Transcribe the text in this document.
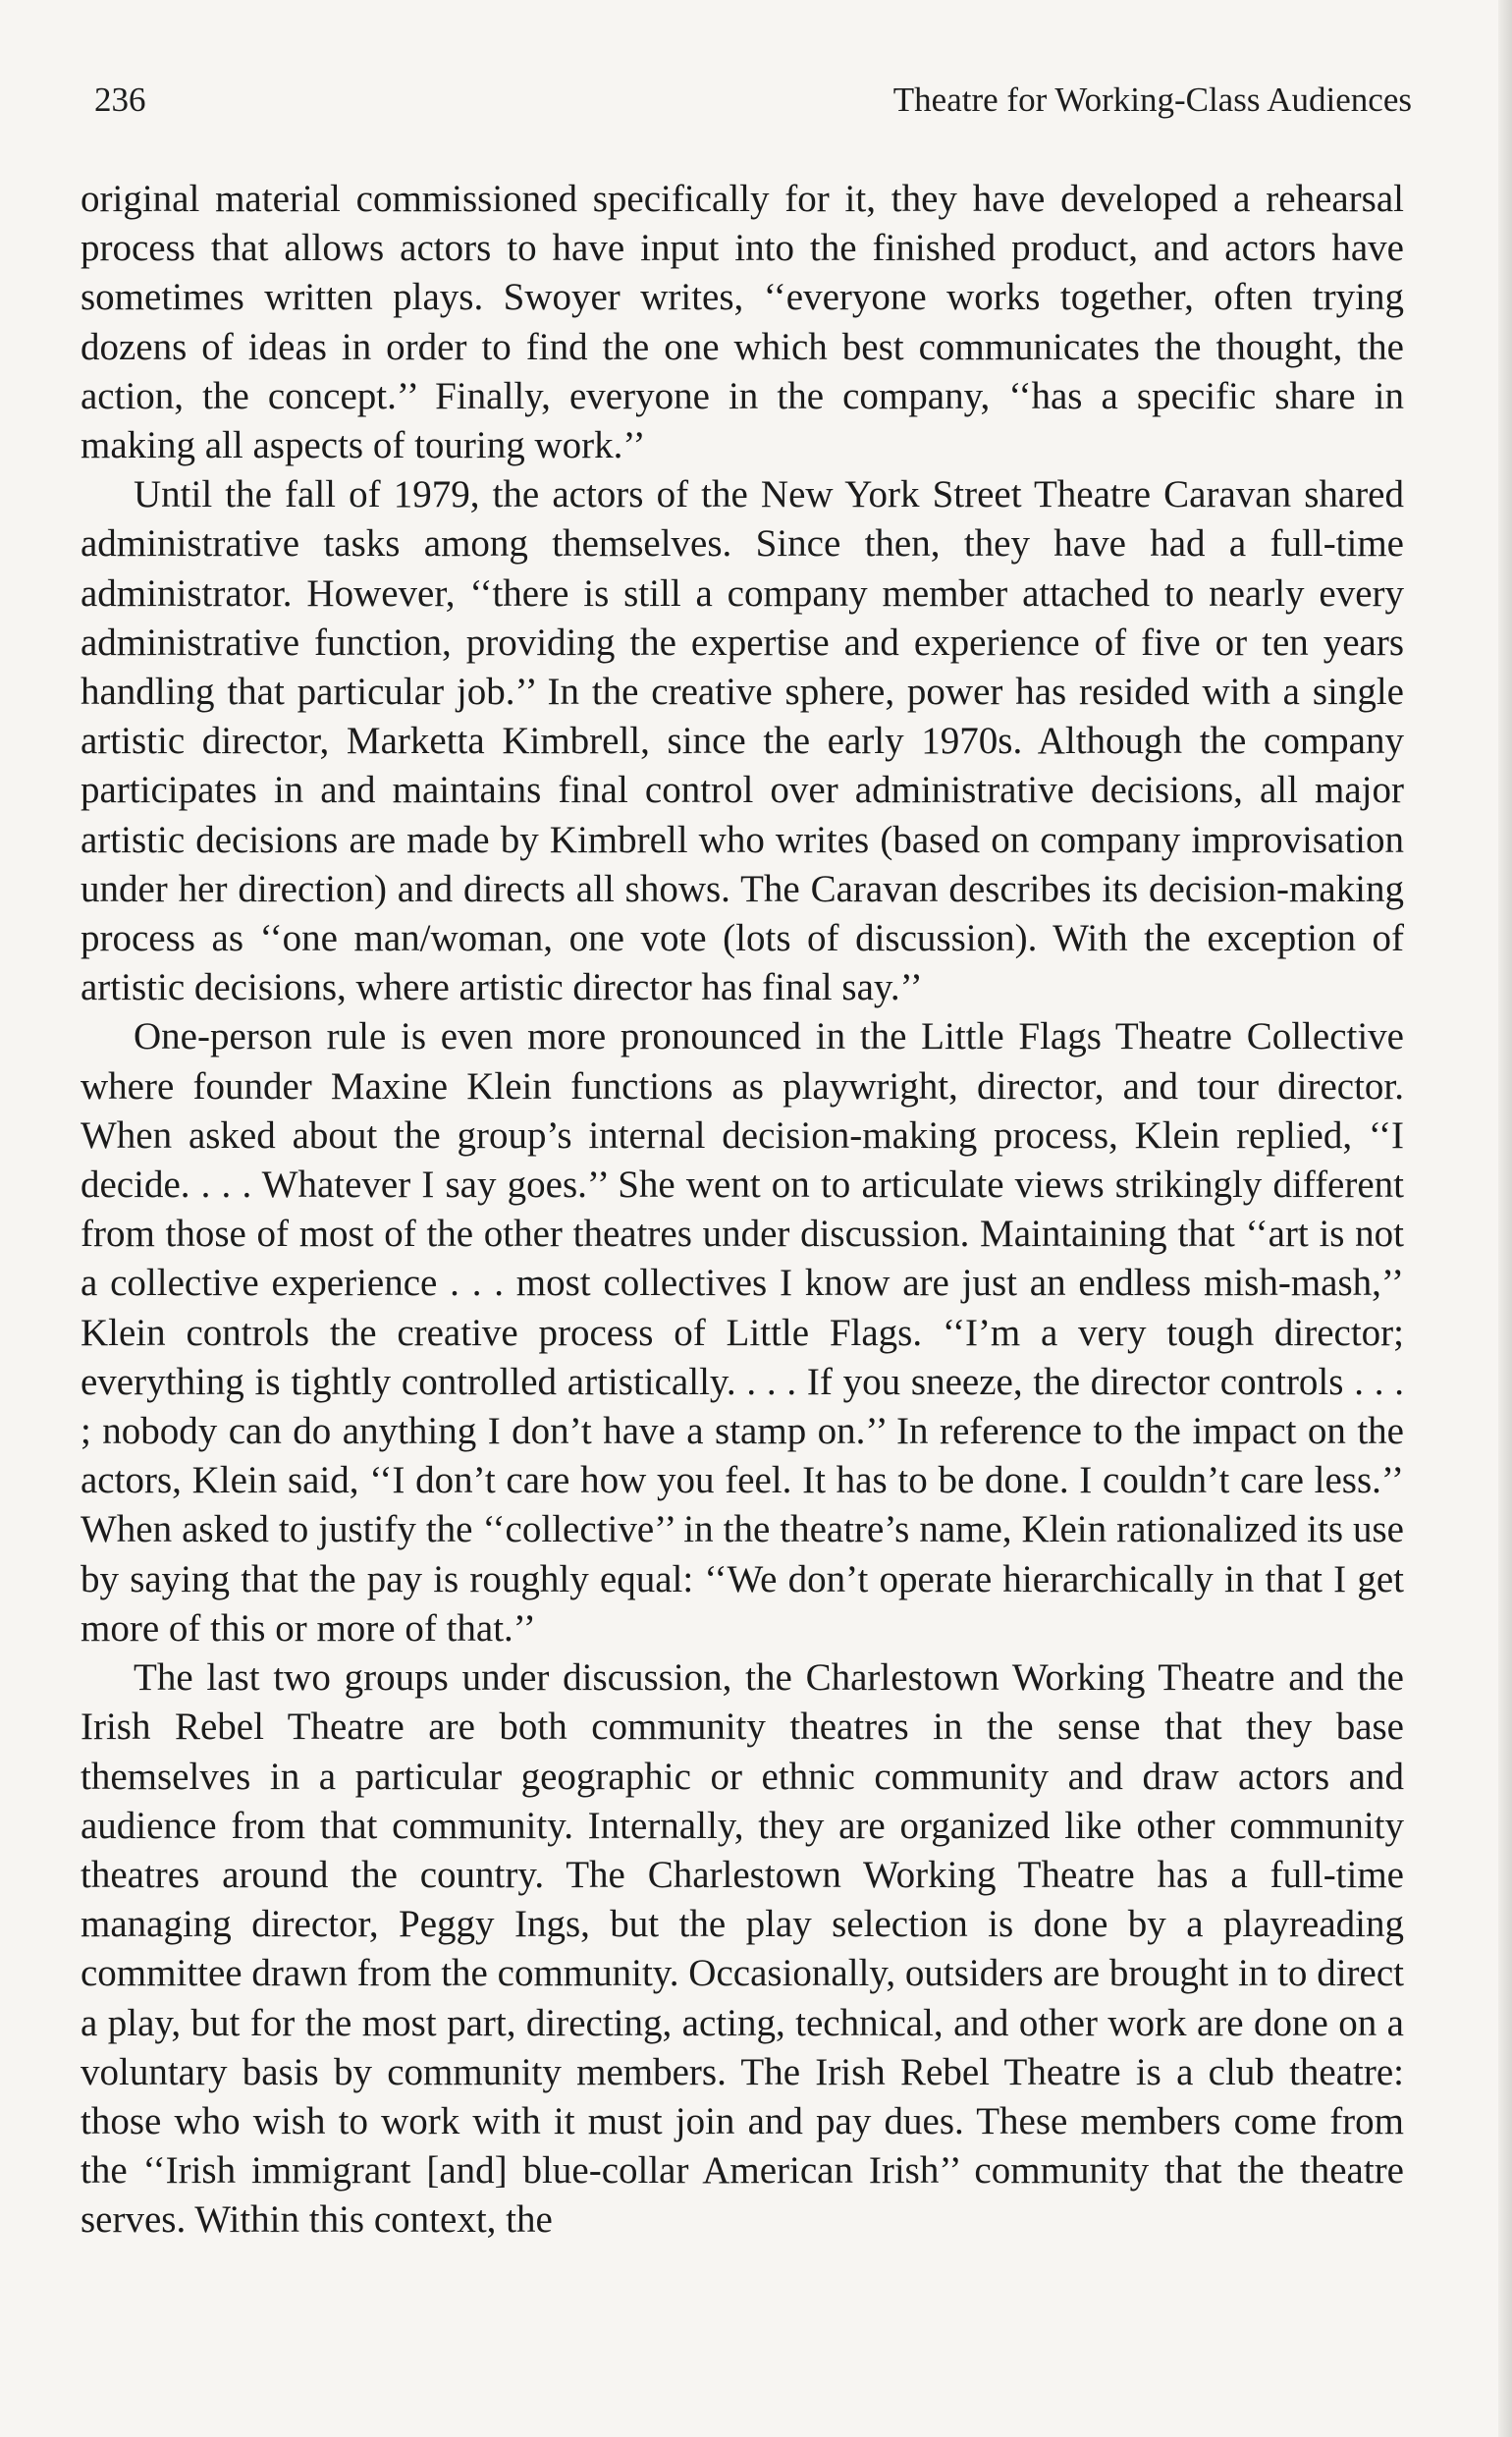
236	Theatre for Working-Class Audiences

original material commissioned specifically for it, they have developed a rehearsal process that allows actors to have input into the finished product, and actors have sometimes written plays. Swoyer writes, ‘‘everyone works together, often trying dozens of ideas in order to find the one which best communicates the thought, the action, the concept.’’ Finally, everyone in the company, ‘‘has a specific share in making all aspects of touring work.’’

Until the fall of 1979, the actors of the New York Street Theatre Caravan shared administrative tasks among themselves. Since then, they have had a full-time administrator. However, ‘‘there is still a company member attached to nearly every administrative function, providing the expertise and experience of five or ten years handling that particular job.’’ In the creative sphere, power has resided with a single artistic director, Marketta Kimbrell, since the early 1970s. Although the company participates in and maintains final control over administrative decisions, all major artistic decisions are made by Kimbrell who writes (based on company improvisation under her direction) and directs all shows. The Caravan describes its decision-making process as ‘‘one man/woman, one vote (lots of discussion). With the exception of artistic decisions, where artistic director has final say.’’

One-person rule is even more pronounced in the Little Flags Theatre Collective where founder Maxine Klein functions as playwright, director, and tour director. When asked about the group’s internal decision-making process, Klein replied, ‘‘I decide. . . . Whatever I say goes.’’ She went on to articulate views strikingly different from those of most of the other theatres under discussion. Maintaining that ‘‘art is not a collective experience . . . most collectives I know are just an endless mish-mash,’’ Klein controls the creative process of Little Flags. ‘‘I’m a very tough director; everything is tightly controlled artistically. . . . If you sneeze, the director controls . . . ; nobody can do anything I don’t have a stamp on.’’ In reference to the impact on the actors, Klein said, ‘‘I don’t care how you feel. It has to be done. I couldn’t care less.’’ When asked to justify the ‘‘collective’’ in the theatre’s name, Klein rationalized its use by saying that the pay is roughly equal: ‘‘We don’t operate hierarchically in that I get more of this or more of that.’’

The last two groups under discussion, the Charlestown Working Theatre and the Irish Rebel Theatre are both community theatres in the sense that they base themselves in a particular geographic or ethnic community and draw actors and audience from that community. Internally, they are organized like other community theatres around the country. The Charlestown Working Theatre has a full-time managing director, Peggy Ings, but the play selection is done by a playreading committee drawn from the community. Occasionally, outsiders are brought in to direct a play, but for the most part, directing, acting, technical, and other work are done on a voluntary basis by community members. The Irish Rebel Theatre is a club theatre: those who wish to work with it must join and pay dues. These members come from the ‘‘Irish immigrant [and] blue-collar American Irish’’ community that the theatre serves. Within this context, the
